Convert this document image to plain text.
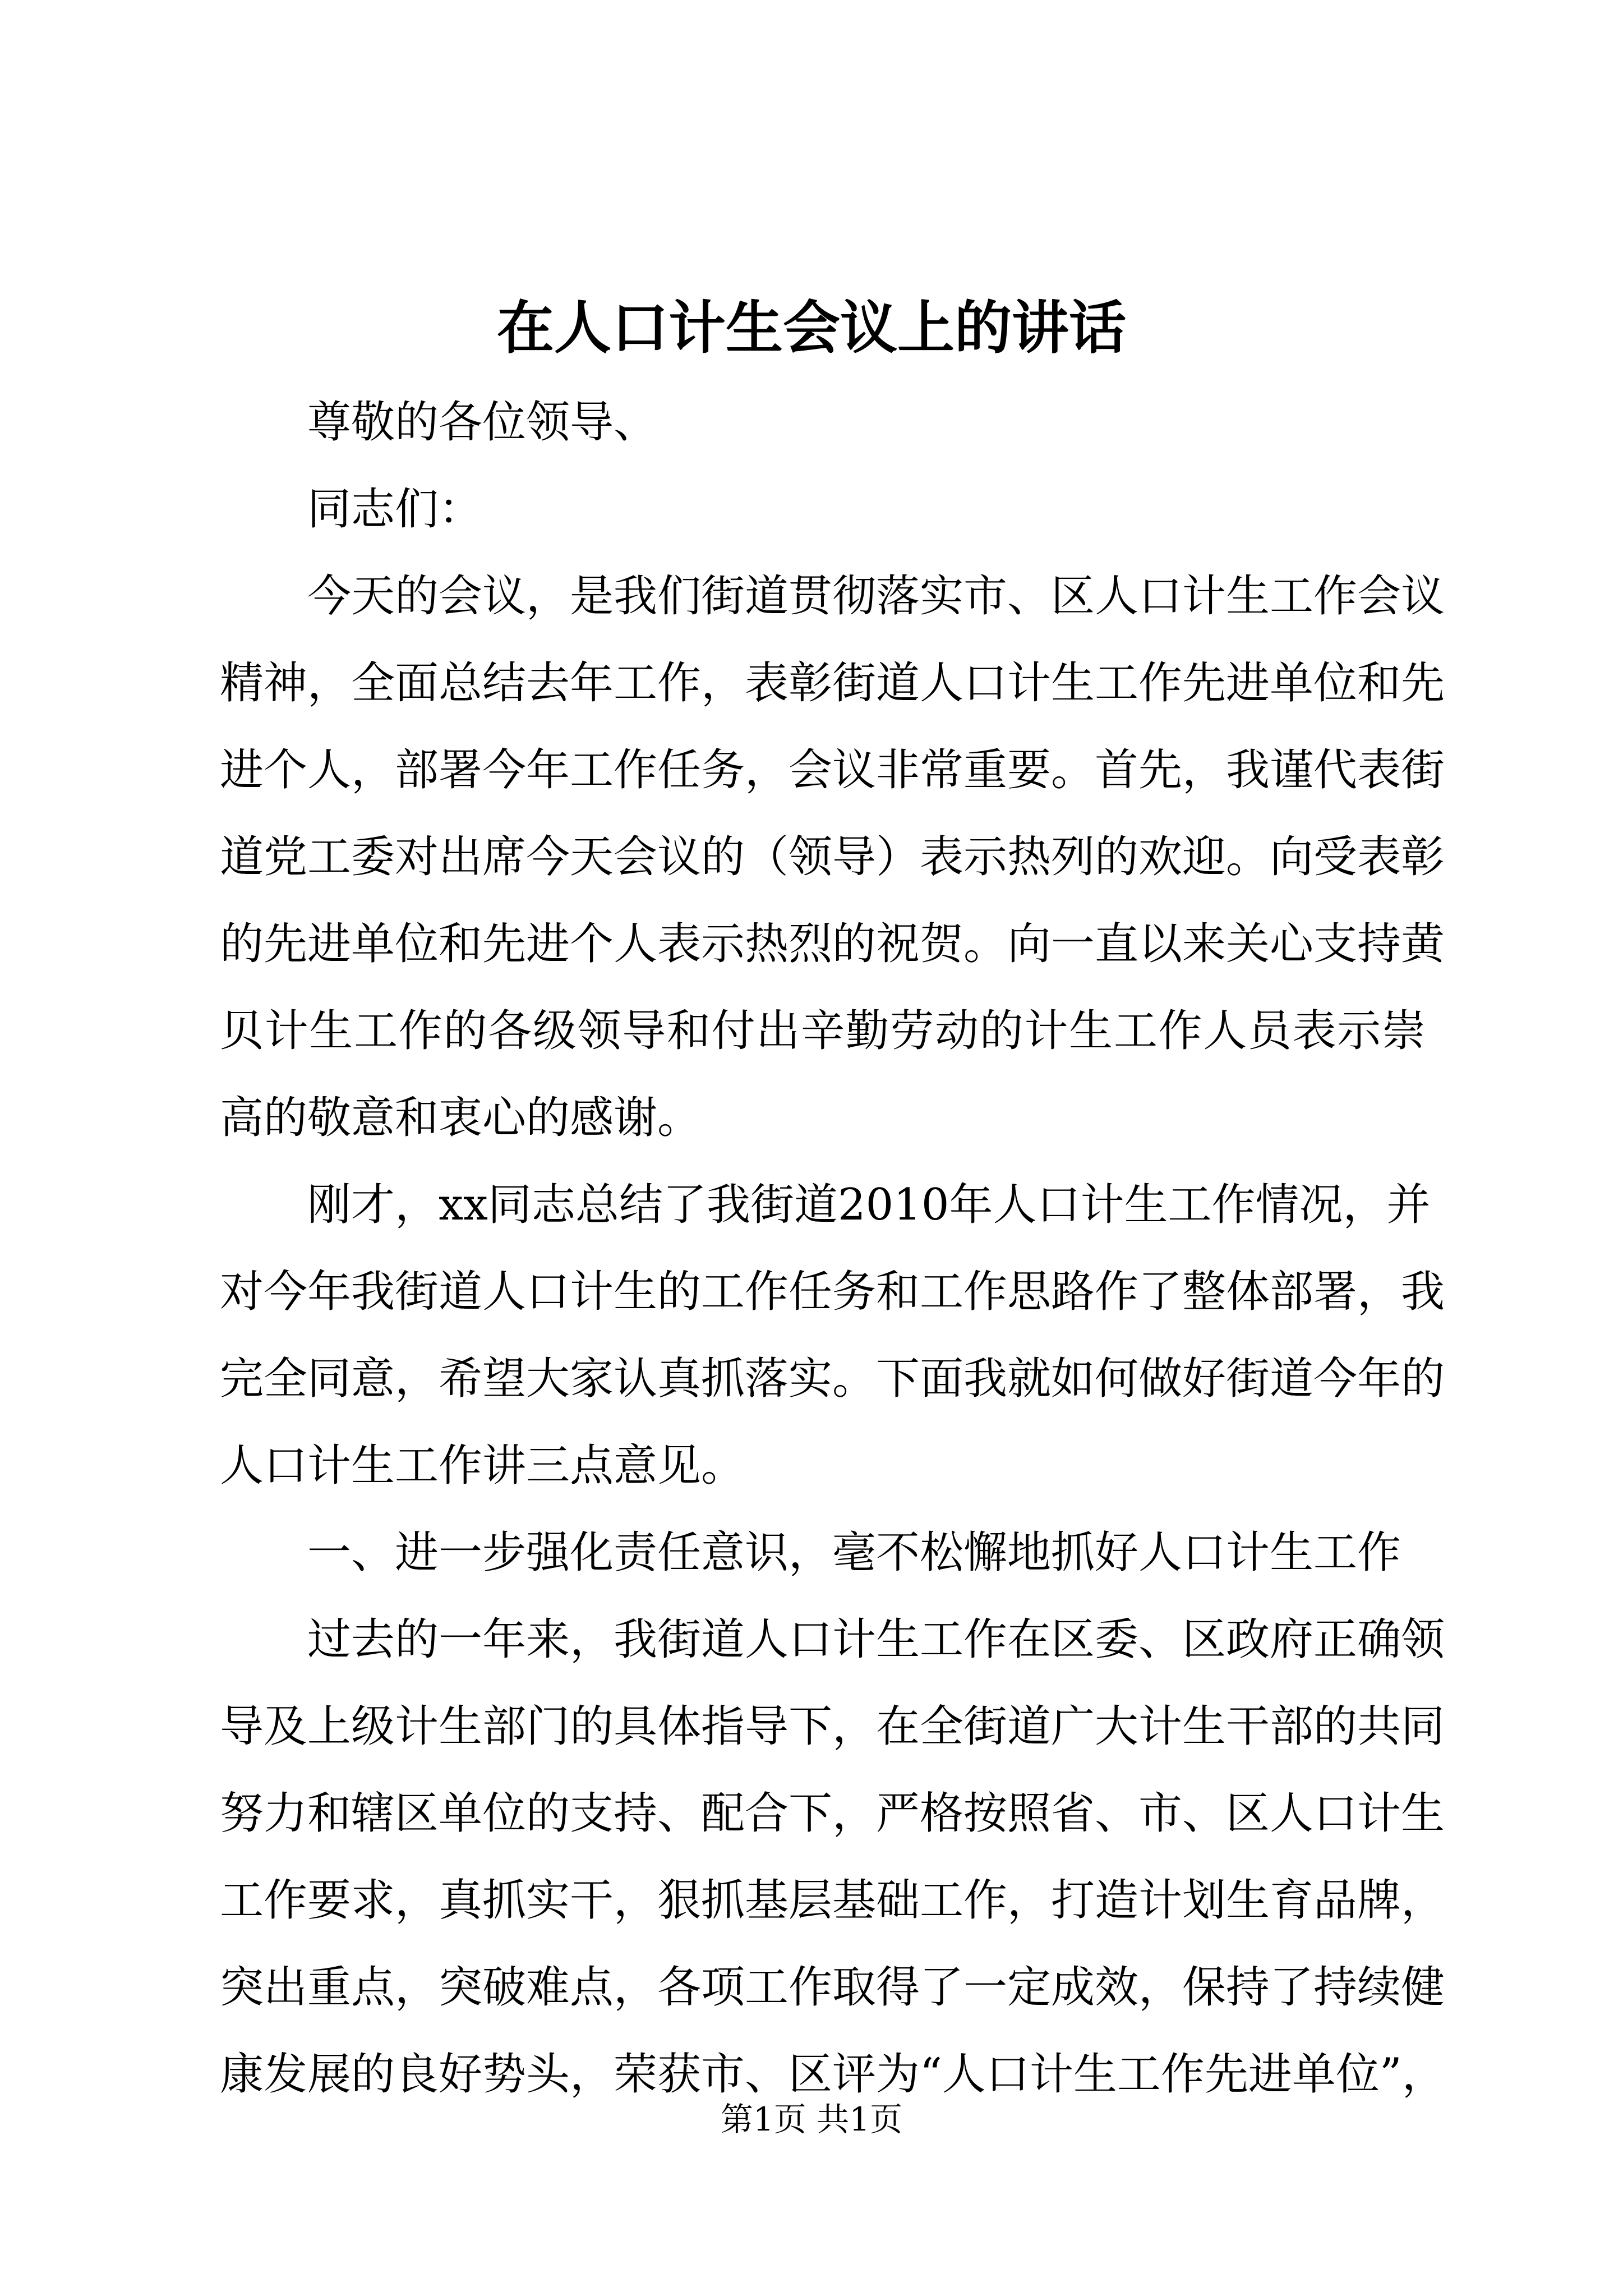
在人口计生会议上的讲话

尊敬的各位领导、

同志们：

今天的会议，是我们街道贯彻落实市、区人口计生工作会议

精神，全面总结去年工作，表彰街道人口计生工作先进单位和先

进个人，部署今年工作任务，会议非常重要。首先，我谨代表街

道党工委对出席今天会议的（领导）表示热列的欢迎。向受表彰

的先进单位和先进个人表示热烈的祝贺。向一直以来关心支持黄

贝计生工作的各级领导和付出辛勤劳动的计生工作人员表示崇

高的敬意和衷心的感谢。

刚才，xx同志总结了我街道2010年人口计生工作情况，并

对今年我街道人口计生的工作任务和工作思路作了整体部署，我

完全同意，希望大家认真抓落实。下面我就如何做好街道今年的

人口计生工作讲三点意见。

一、进一步强化责任意识，毫不松懈地抓好人口计生工作

过去的一年来，我街道人口计生工作在区委、区政府正确领

导及上级计生部门的具体指导下，在全街道广大计生干部的共同

努力和辖区单位的支持、配合下，严格按照省、市、区人口计生

工作要求，真抓实干，狠抓基层基础工作，打造计划生育品牌，

突出重点，突破难点，各项工作取得了一定成效，保持了持续健

康发展的良好势头，荣获市、区评为“人口计生工作先进单位”，

第1页 共1页
